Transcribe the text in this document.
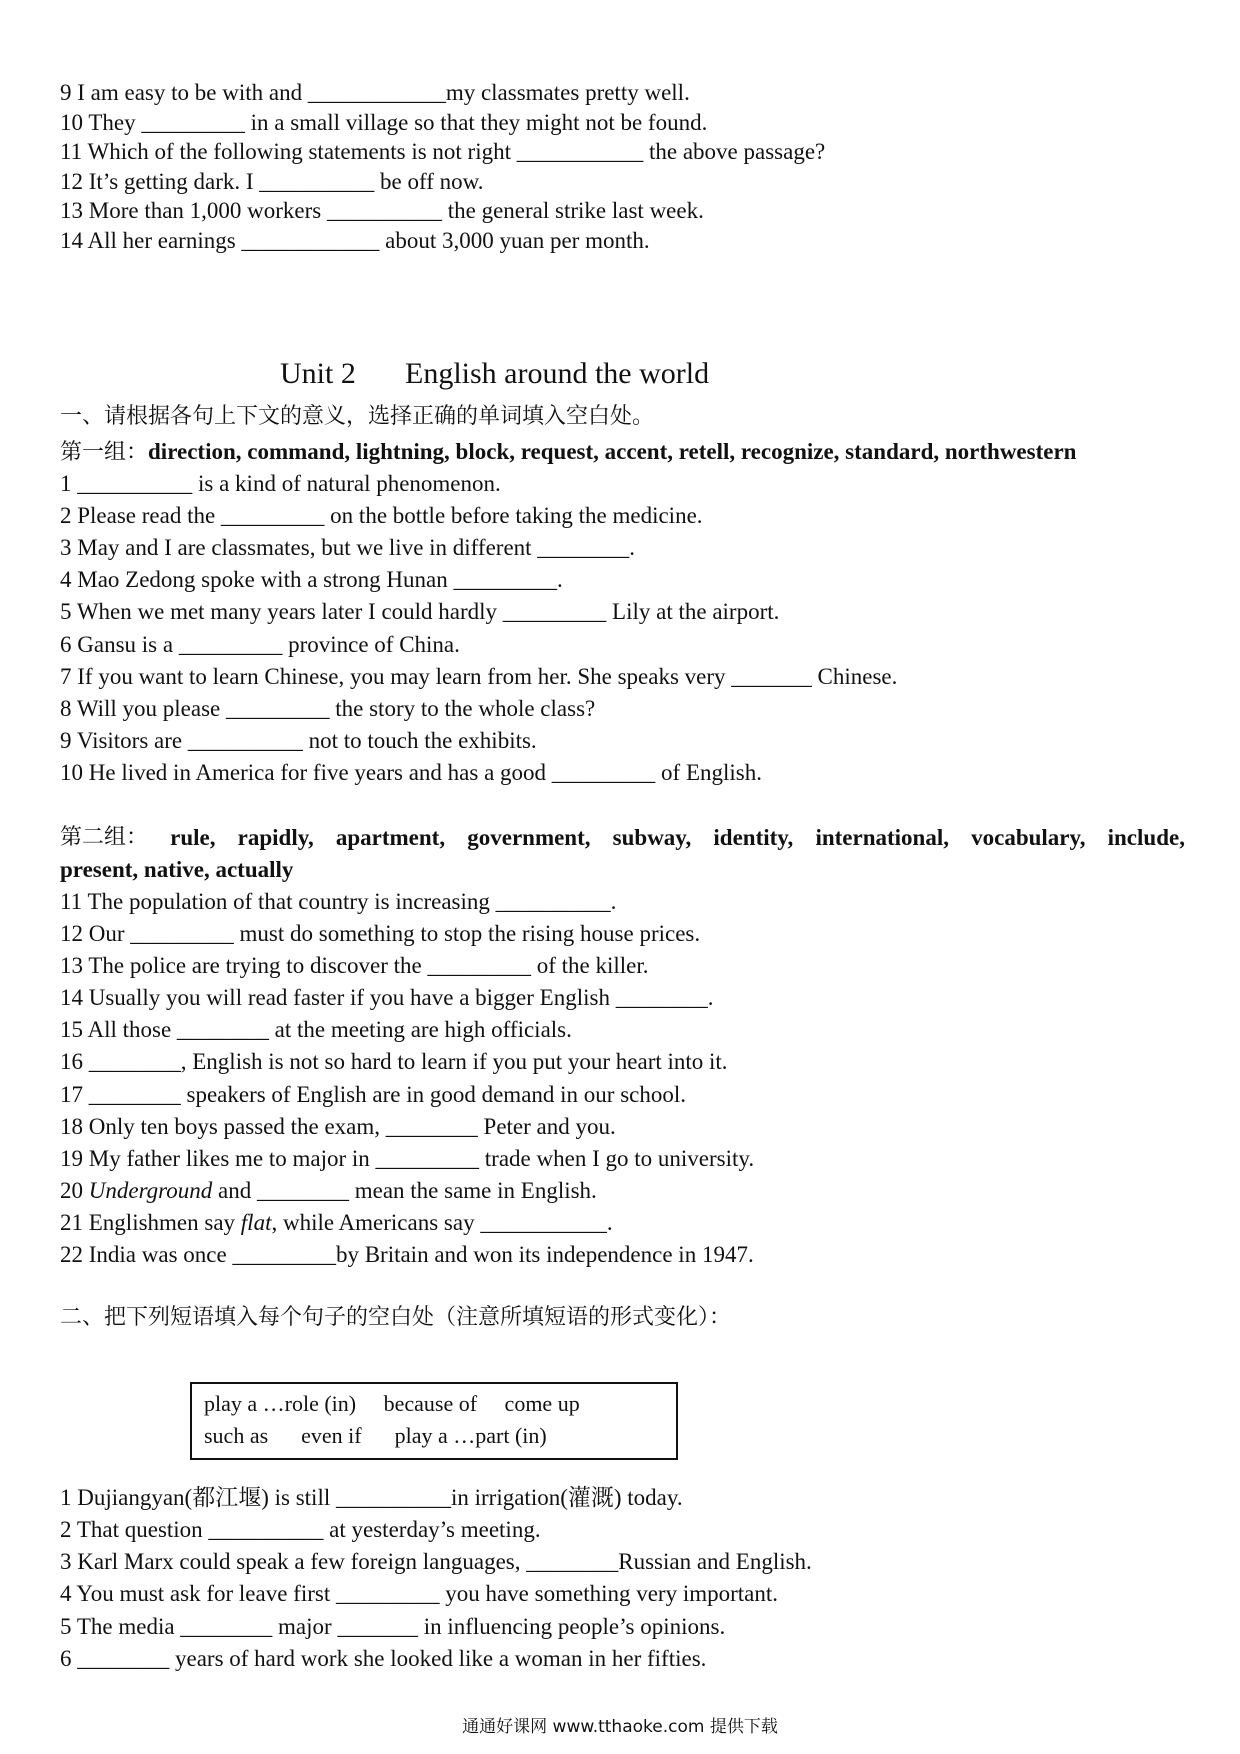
9 I am easy to be with and ____________my classmates pretty well.
10 They _________ in a small village so that they might not be found.
11 Which of the following statements is not right ___________ the above passage?
12 It’s getting dark. I __________ be off now.
13 More than 1,000 workers __________ the general strike last week.
14 All her earnings ____________ about 3,000 yuan per month.
Unit 2 English around the world
一、请根据各句上下文的意义，选择正确的单词填入空白处。
第一组：direction, command, lightning, block, request, accent, retell, recognize, standard, northwestern
1 __________ is a kind of natural phenomenon.
2 Please read the _________ on the bottle before taking the medicine.
3 May and I are classmates, but we live in different ________.
4 Mao Zedong spoke with a strong Hunan _________.
5 When we met many years later I could hardly _________ Lily at the airport.
6 Gansu is a _________ province of China.
7 If you want to learn Chinese, you may learn from her. She speaks very _______ Chinese.
8 Will you please _________ the story to the whole class?
9 Visitors are __________ not to touch the exhibits.
10 He lived in America for five years and has a good _________ of English.
第二组： rule, rapidly, apartment, government, subway, identity, international, vocabulary, include,
present, native, actually
11 The population of that country is increasing __________.
12 Our _________ must do something to stop the rising house prices.
13 The police are trying to discover the _________ of the killer.
14 Usually you will read faster if you have a bigger English ________.
15 All those ________ at the meeting are high officials.
16 ________, English is not so hard to learn if you put your heart into it.
17 ________ speakers of English are in good demand in our school.
18 Only ten boys passed the exam, ________ Peter and you.
19 My father likes me to major in _________ trade when I go to university.
20 Underground and ________ mean the same in English.
21 Englishmen say flat, while Americans say ___________.
22 India was once _________by Britain and won its independence in 1947.
二、把下列短语填入每个句子的空白处（注意所填短语的形式变化）：
play a …role (in)     because of     come up
such as      even if      play a …part (in)
1 Dujiangyan(都江堰) is still __________in irrigation(灌溉) today.
2 That question __________ at yesterday’s meeting.
3 Karl Marx could speak a few foreign languages, ________Russian and English.
4 You must ask for leave first _________ you have something very important.
5 The media ________ major _______ in influencing people’s opinions.
6 ________ years of hard work she looked like a woman in her fifties.
通通好课网 www.tthaoke.com 提供下载
